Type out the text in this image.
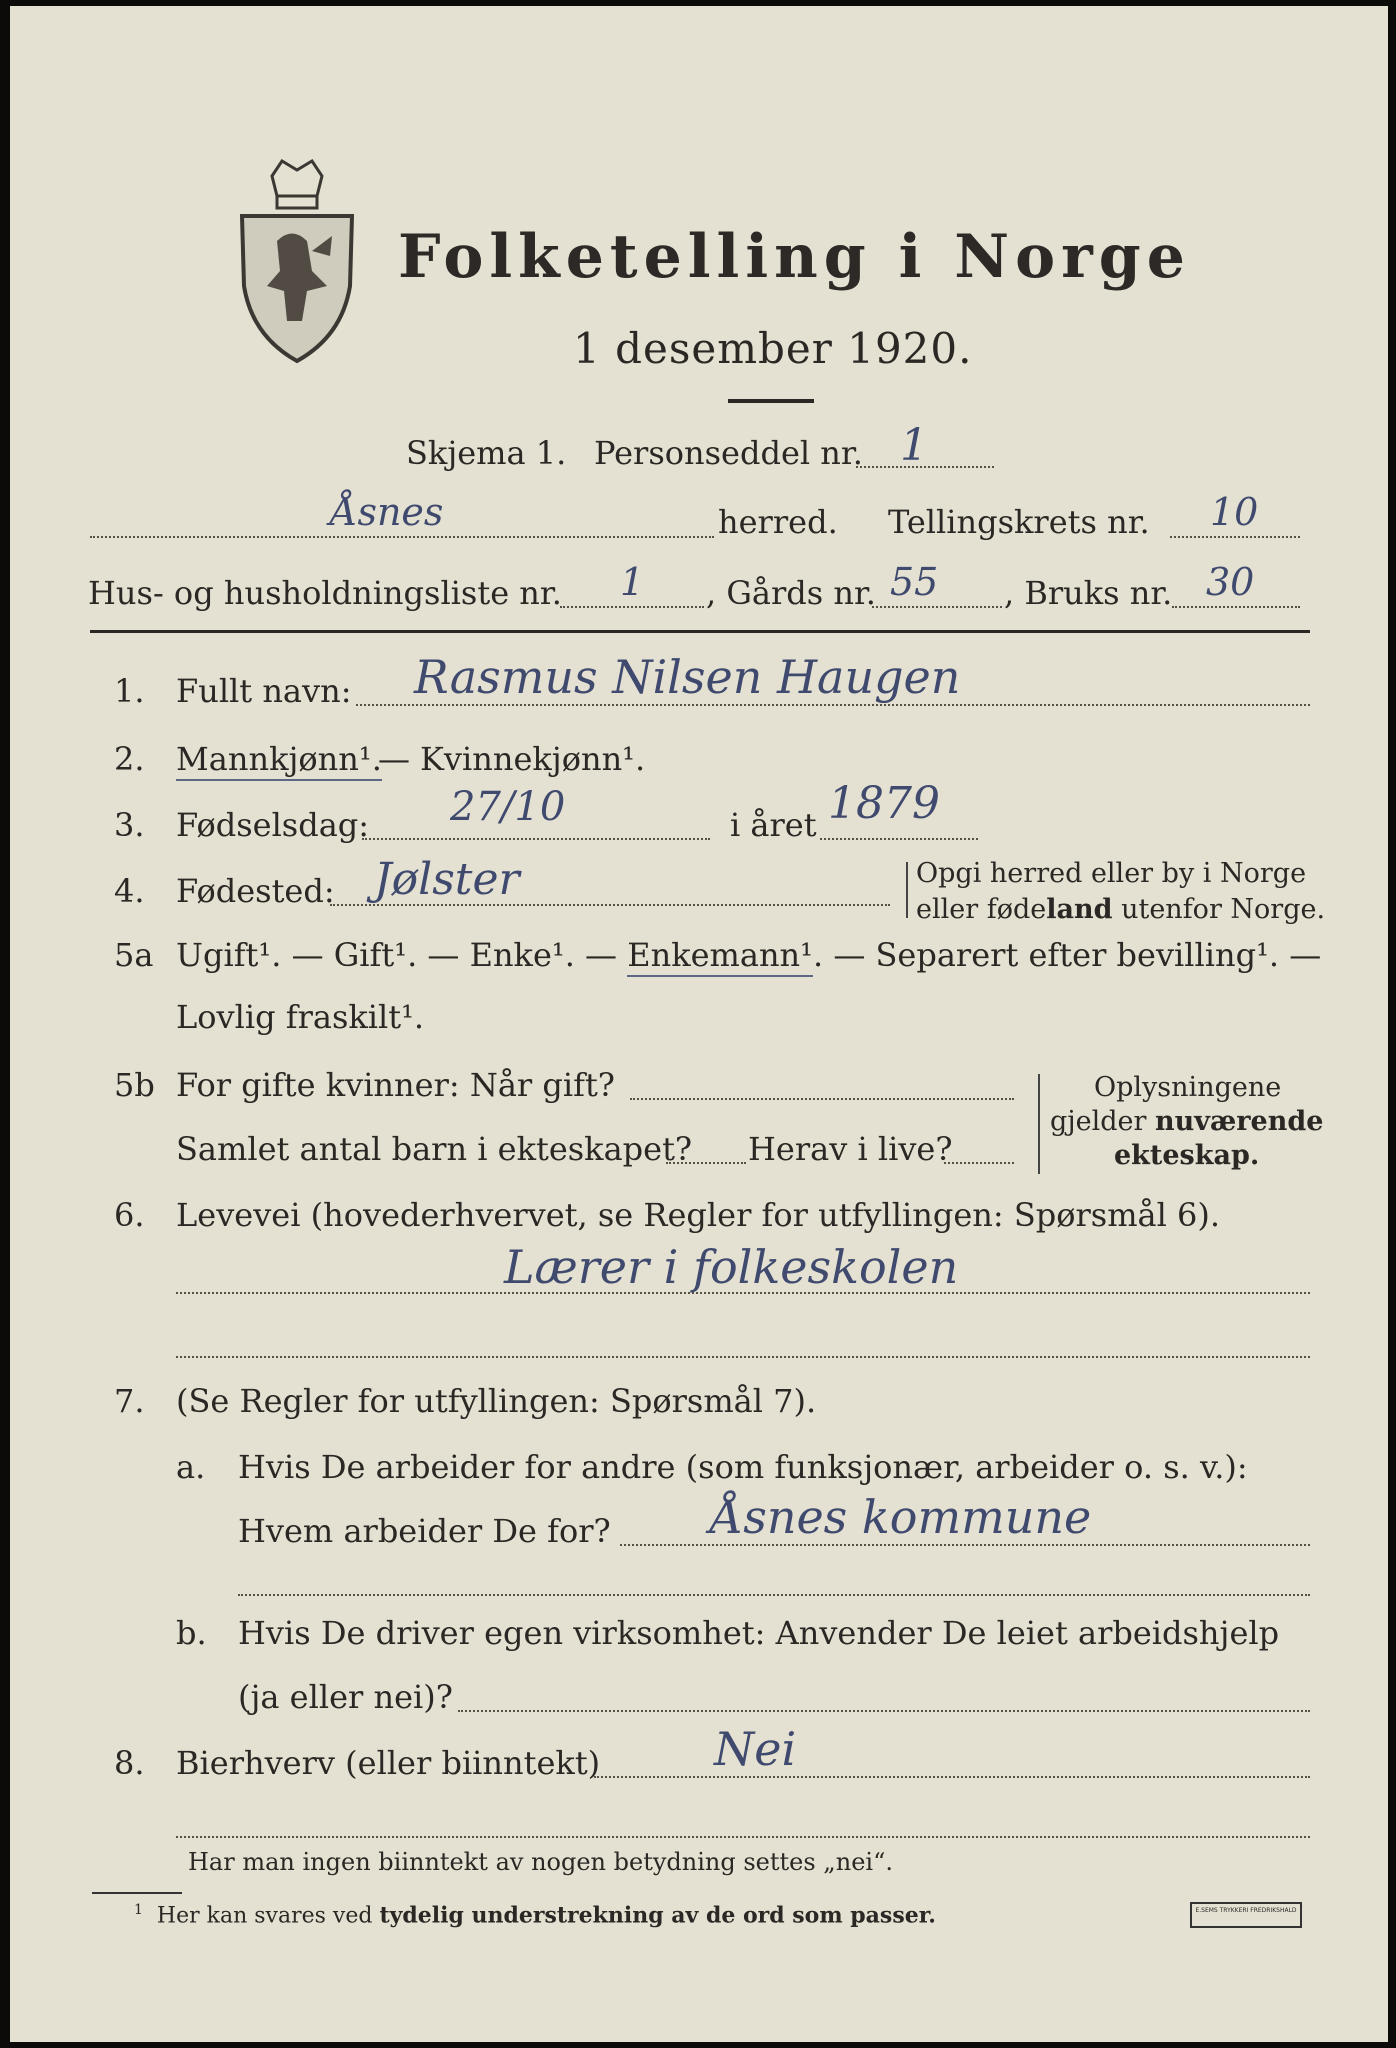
Folketelling i Norge
1 desember 1920.
Skjema 1. Personseddel nr. 1
Åsnes	herred. Tellingskrets nr. 10
Hus- og husholdningsliste nr. 1 , Gårds nr. 55 , Bruks nr. 30
1. Fullt navn: Rasmus Nilsen Haugen
2. Mannkjønn¹.
— Kvinnekjønn¹.
3. Fødselsdag: 27/10	i året 1879
4. Fødested: Jølster	Opgi herred eller by i Norge
eller fødeland utenfor Norge.
5a Ugift¹. — Gift¹. — Enke¹. — Enkemann¹. — Separert efter bevilling¹. —
Lovlig fraskilt¹.
5b For gifte kvinner: Når gift?
Samlet antal barn i ekteskapet? Herav i live?
Oplysningene
gjelder nuværende
ekteskap.
6. Levevei (hovederhvervet, se Regler for utfyllingen: Spørsmål 6).
Lærer i folkeskolen
7. (Se Regler for utfyllingen: Spørsmål 7).
a. Hvis De arbeider for andre (som funksjonær, arbeider o. s. v.):
Hvem arbeider De for? Åsnes kommune
b. Hvis De driver egen virksomhet: Anvender De leiet arbeidshjelp
(ja eller nei)?
8. Bierhverv (eller biinntekt) Nei
Har man ingen biinntekt av nogen betydning settes „nei“.
$^1$ Her kan svares ved tydelig understrekning av de ord som passer.	E.SEMS TRYKKERI FREDRIKSHALD
